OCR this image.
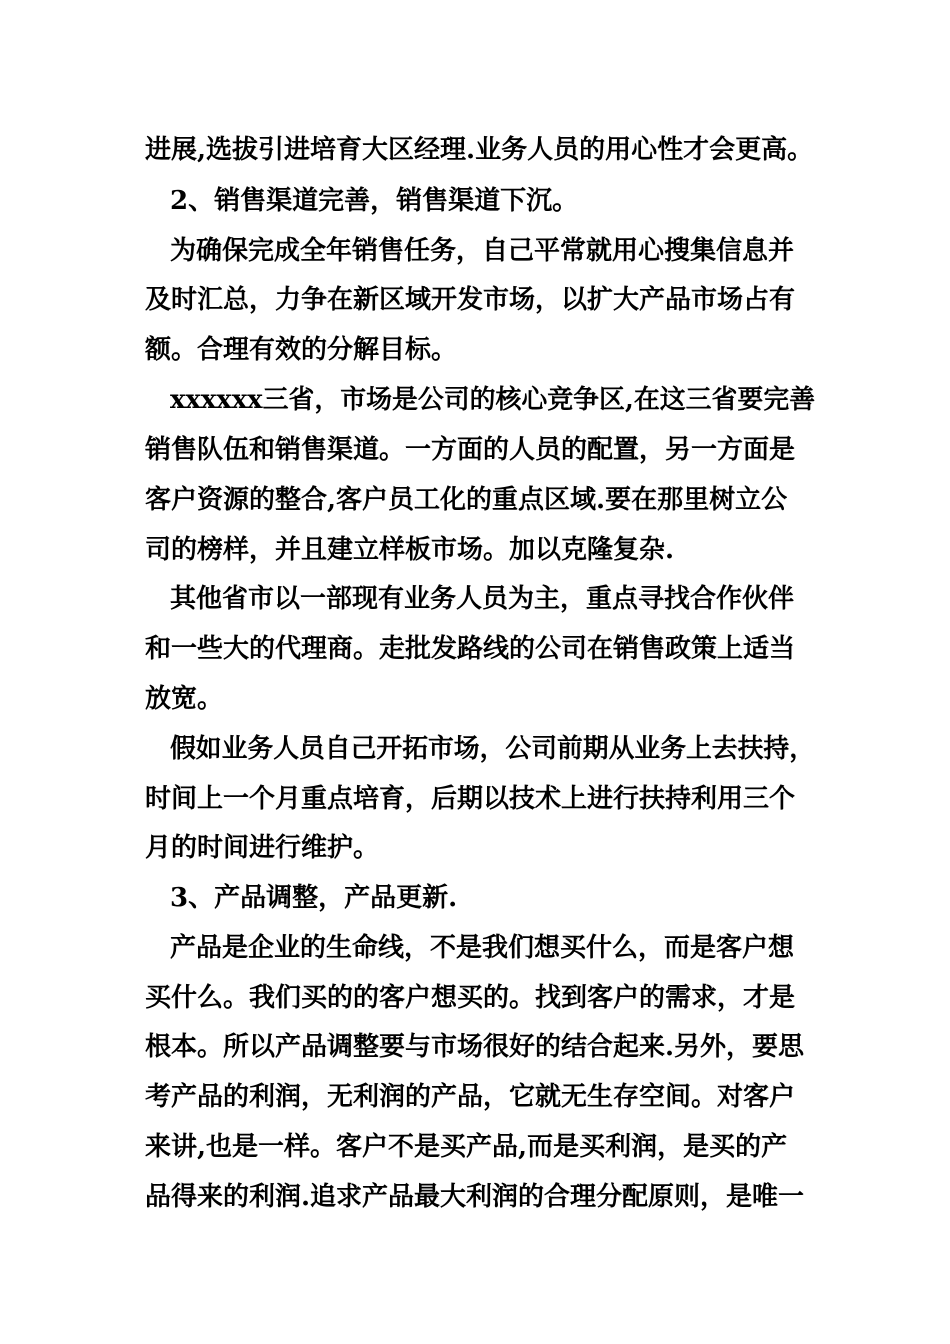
进展,选拔引进培育大区经理.业务人员的用心性才会更高。
2、销售渠道完善，销售渠道下沉。
为确保完成全年销售任务，自己平常就用心搜集信息并
及时汇总，力争在新区域开发市场，以扩大产品市场占有
额。合理有效的分解目标。
xxxxxx三省，市场是公司的核心竞争区,在这三省要完善
销售队伍和销售渠道。一方面的人员的配置，另一方面是
客户资源的整合,客户员工化的重点区域.要在那里树立公
司的榜样，并且建立样板市场。加以克隆复杂.
其他省市以一部现有业务人员为主，重点寻找合作伙伴
和一些大的代理商。走批发路线的公司在销售政策上适当
放宽。
假如业务人员自己开拓市场，公司前期从业务上去扶持，
时间上一个月重点培育，后期以技术上进行扶持利用三个
月的时间进行维护。
3、产品调整，产品更新.
产品是企业的生命线，不是我们想买什么，而是客户想
买什么。我们买的的客户想买的。找到客户的需求，才是
根本。所以产品调整要与市场很好的结合起来.另外，要思
考产品的利润，无利润的产品，它就无生存空间。对客户
来讲,也是一样。客户不是买产品,而是买利润，是买的产
品得来的利润.追求产品最大利润的合理分配原则，是唯一
